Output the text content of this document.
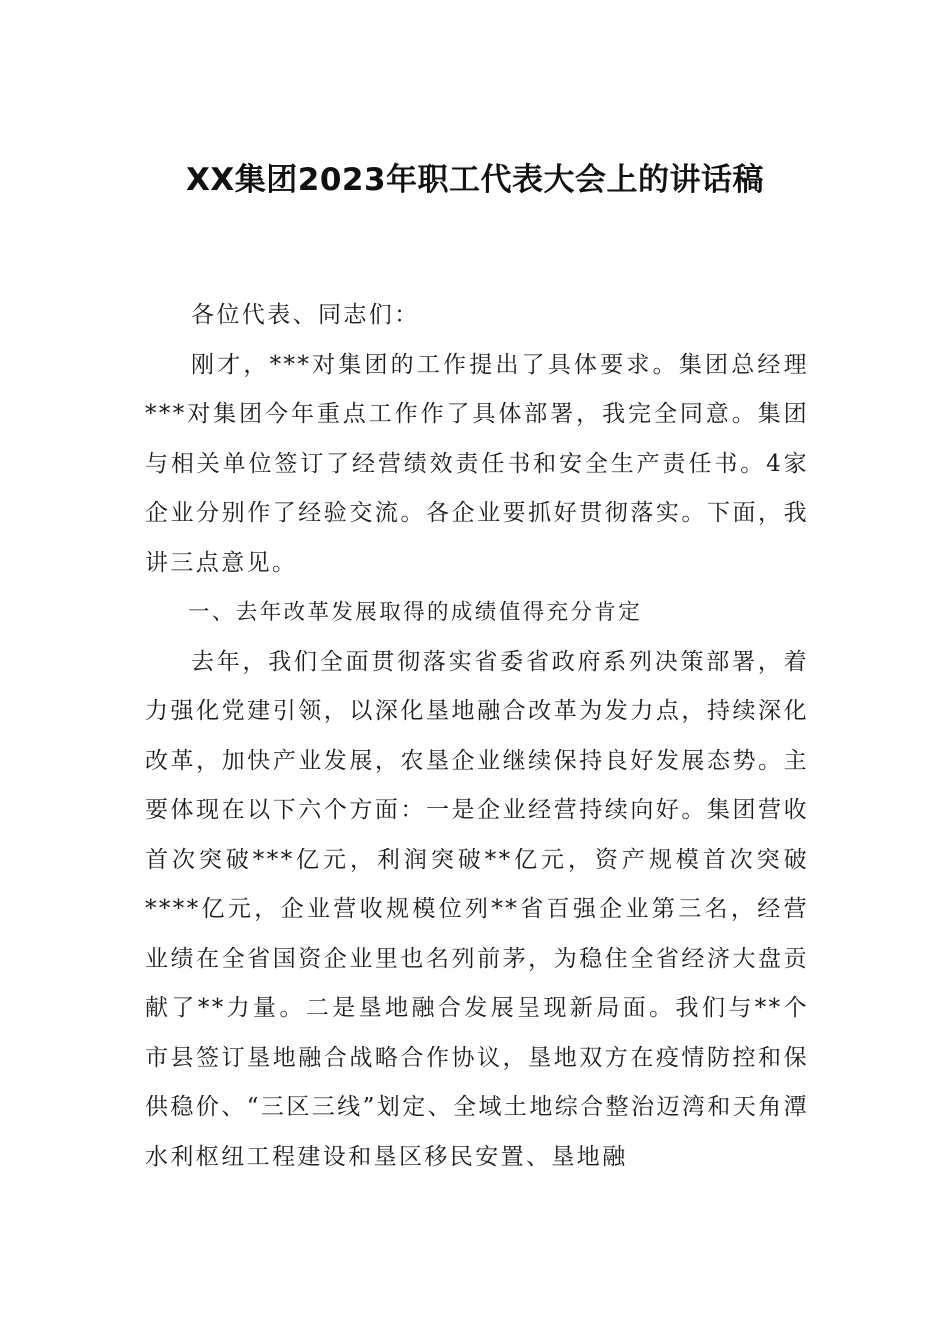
XX集团2023年职工代表大会上的讲话稿

各位代表、同志们：

刚才，***对集团的工作提出了具体要求。集团总经理***对集团今年重点工作作了具体部署，我完全同意。集团与相关单位签订了经营绩效责任书和安全生产责任书。4家企业分别作了经验交流。各企业要抓好贯彻落实。下面，我讲三点意见。

一、去年改革发展取得的成绩值得充分肯定

去年，我们全面贯彻落实省委省政府系列决策部署，着力强化党建引领，以深化垦地融合改革为发力点，持续深化改革，加快产业发展，农垦企业继续保持良好发展态势。主要体现在以下六个方面：一是企业经营持续向好。集团营收首次突破***亿元，利润突破**亿元，资产规模首次突破****亿元，企业营收规模位列**省百强企业第三名，经营业绩在全省国资企业里也名列前茅，为稳住全省经济大盘贡献了**力量。二是垦地融合发展呈现新局面。我们与**个市县签订垦地融合战略合作协议，垦地双方在疫情防控和保供稳价、“三区三线”划定、全域土地综合整治迈湾和天角潭水利枢纽工程建设和垦区移民安置、垦地融
